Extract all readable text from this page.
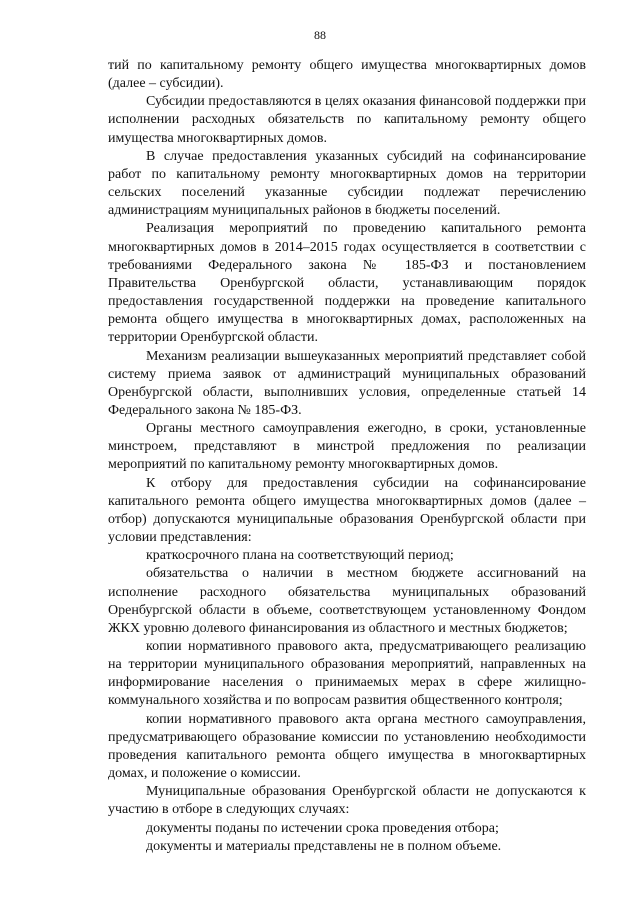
88

тий по капитальному ремонту общего имущества многоквартирных домов (далее – субсидии).

Субсидии предоставляются в целях оказания финансовой поддержки при исполнении расходных обязательств по капитальному ремонту общего имущества многоквартирных домов.

В случае предоставления указанных субсидий на софинансирование работ по капитальному ремонту многоквартирных домов на территории сельских поселений указанные субсидии подлежат перечислению администрациям муниципальных районов в бюджеты поселений.

Реализация мероприятий по проведению капитального ремонта многоквартирных домов в 2014–2015 годах осуществляется в соответствии с требованиями Федерального закона № 185-ФЗ и постановлением Правительства Оренбургской области, устанавливающим порядок предоставления государственной поддержки на проведение капитального ремонта общего имущества в многоквартирных домах, расположенных на территории Оренбургской области.

Механизм реализации вышеуказанных мероприятий представляет собой систему приема заявок от администраций муниципальных образований Оренбургской области, выполнивших условия, определенные статьей 14 Федерального закона № 185-ФЗ.

Органы местного самоуправления ежегодно, в сроки, установленные минстроем, представляют в минстрой предложения по реализации мероприятий по капитальному ремонту многоквартирных домов.

К отбору для предоставления субсидии на софинансирование капитального ремонта общего имущества многоквартирных домов (далее – отбор) допускаются муниципальные образования Оренбургской области при условии представления:

краткосрочного плана на соответствующий период;

обязательства о наличии в местном бюджете ассигнований на исполнение расходного обязательства муниципальных образований Оренбургской области в объеме, соответствующем установленному Фондом ЖКХ уровню долевого финансирования из областного и местных бюджетов;

копии нормативного правового акта, предусматривающего реализацию на территории муниципального образования мероприятий, направленных на информирование населения о принимаемых мерах в сфере жилищно-коммунального хозяйства и по вопросам развития общественного контроля;

копии нормативного правового акта органа местного самоуправления, предусматривающего образование комиссии по установлению необходимости проведения капитального ремонта общего имущества в многоквартирных домах, и положение о комиссии.

Муниципальные образования Оренбургской области не допускаются к участию в отборе в следующих случаях:

документы поданы по истечении срока проведения отбора;

документы и материалы представлены не в полном объеме.
